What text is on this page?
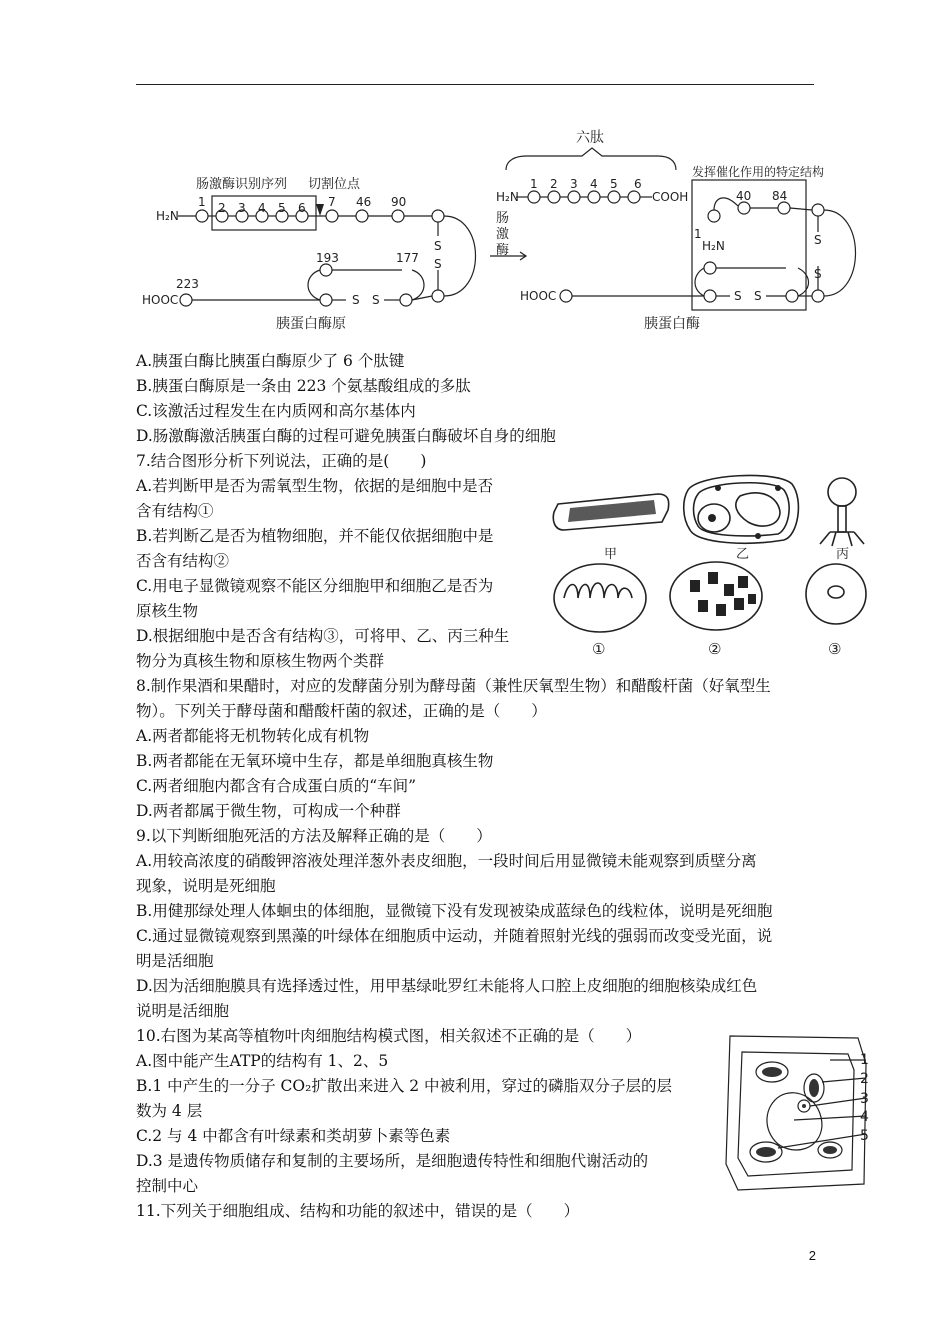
肠激酶识别序列 切割位点
H₂N
1 2 3 4 5 6 7 46 90
193	177
223
HOOC
S
S
S S
胰蛋白酶原
肠
激
酶
六肽
H₂N
1 2 3 4 5 6
COOH
发挥催化作用的特定结构
40 84
1
H₂N
HOOC
S
S
S S
胰蛋白酶
A.胰蛋白酶比胰蛋白酶原少了 6 个肽键
B.胰蛋白酶原是一条由 223 个氨基酸组成的多肽
C.该激活过程发生在内质网和高尔基体内
D.肠激酶激活胰蛋白酶的过程可避免胰蛋白酶破坏自身的细胞
7.结合图形分析下列说法，正确的是(　　)
A.若判断甲是否为需氧型生物，依据的是细胞中是否
含有结构①
B.若判断乙是否为植物细胞，并不能仅依据细胞中是
否含有结构②
C.用电子显微镜观察不能区分细胞甲和细胞乙是否为
原核生物
D.根据细胞中是否含有结构③，可将甲、乙、丙三种生
物分为真核生物和原核生物两个类群
甲	乙	丙
①	②	③
8.制作果酒和果醋时，对应的发酵菌分别为酵母菌（兼性厌氧型生物）和醋酸杆菌（好氧型生
物）。下列关于酵母菌和醋酸杆菌的叙述，正确的是（　　）
A.两者都能将无机物转化成有机物
B.两者都能在无氧环境中生存，都是单细胞真核生物
C.两者细胞内都含有合成蛋白质的“车间”
D.两者都属于微生物，可构成一个种群
9.以下判断细胞死活的方法及解释正确的是（　　）
A.用较高浓度的硝酸钾溶液处理洋葱外表皮细胞，一段时间后用显微镜未能观察到质壁分离
现象，说明是死细胞
B.用健那绿处理人体蛔虫的体细胞，显微镜下没有发现被染成蓝绿色的线粒体，说明是死细胞
C.通过显微镜观察到黑藻的叶绿体在细胞质中运动，并随着照射光线的强弱而改变受光面，说
明是活细胞
D.因为活细胞膜具有选择透过性，用甲基绿吡罗红未能将人口腔上皮细胞的细胞核染成红色
说明是活细胞
10.右图为某高等植物叶肉细胞结构模式图，相关叙述不正确的是（　　）
A.图中能产生ATP的结构有 1、2、5
B.1 中产生的一分子 CO₂扩散出来进入 2 中被利用，穿过的磷脂双分子层的层
数为 4 层
C.2 与 4 中都含有叶绿素和类胡萝卜素等色素
D.3 是遗传物质储存和复制的主要场所，是细胞遗传特性和细胞代谢活动的
控制中心
1
2
3
4
5
11.下列关于细胞组成、结构和功能的叙述中，错误的是（　　）
2
